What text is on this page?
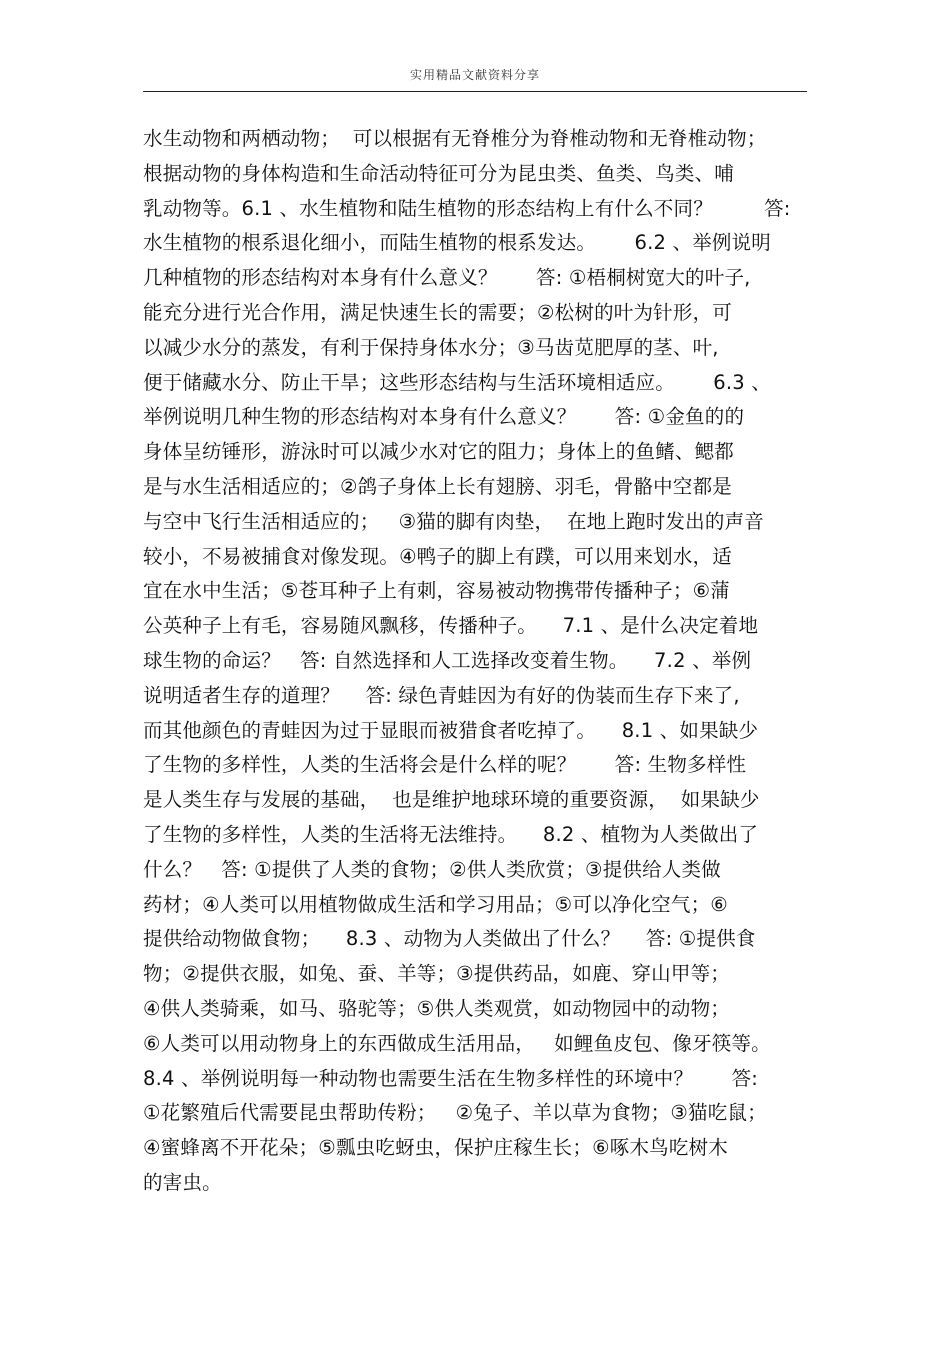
实用精品文献资料分享
水生动物和两栖动物；  可以根据有无脊椎分为脊椎动物和无脊椎动物；
根据动物的身体构造和生命活动特征可分为昆虫类、鱼类、鸟类、哺
乳动物等。6.1 、水生植物和陆生植物的形态结构上有什么不同？        答:
水生植物的根系退化细小，而陆生植物的根系发达。      6.2 、举例说明
几种植物的形态结构对本身有什么意义？      答: ①梧桐树宽大的叶子,
能充分进行光合作用，满足快速生长的需要；②松树的叶为针形，可
以减少水分的蒸发，有利于保持身体水分；③马齿苋肥厚的茎、叶,
便于储藏水分、防止干旱；这些形态结构与生活环境相适应。      6.3 、
举例说明几种生物的形态结构对本身有什么意义？      答: ①金鱼的的
身体呈纺锤形，游泳时可以减少水对它的阻力；身体上的鱼鳍、鳃都
是与水生活相适应的；②鸽子身体上长有翅膀、羽毛，骨骼中空都是
与空中飞行生活相适应的；   ③猫的脚有肉垫，  在地上跑时发出的声音
较小，不易被捕食对像发现。④鸭子的脚上有蹼，可以用来划水，适
宜在水中生活；⑤苍耳种子上有刺，容易被动物携带传播种子；⑥蒲
公英种子上有毛，容易随风飘移，传播种子。    7.1 、是什么决定着地
球生物的命运？   答: 自然选择和人工选择改变着生物。    7.2 、举例
说明适者生存的道理？    答: 绿色青蛙因为有好的伪装而生存下来了,
而其他颜色的青蛙因为过于显眼而被猎食者吃掉了。    8.1 、如果缺少
了生物的多样性，人类的生活将会是什么样的呢？      答: 生物多样性
是人类生存与发展的基础，  也是维护地球环境的重要资源，  如果缺少
了生物的多样性，人类的生活将无法维持。    8.2 、植物为人类做出了
什么？   答: ①提供了人类的食物；②供人类欣赏；③提供给人类做
药材；④人类可以用植物做成生活和学习用品；⑤可以净化空气；⑥
提供给动物做食物；    8.3 、动物为人类做出了什么？    答: ①提供食
物；②提供衣服，如兔、蚕、羊等；③提供药品，如鹿、穿山甲等；
④供人类骑乘，如马、骆驼等；⑤供人类观赏，如动物园中的动物；
⑥人类可以用动物身上的东西做成生活用品，   如鲤鱼皮包、像牙筷等。
8.4 、举例说明每一种动物也需要生活在生物多样性的环境中？      答:
①花繁殖后代需要昆虫帮助传粉；   ②兔子、羊以草为食物；③猫吃鼠；
④蜜蜂离不开花朵；⑤瓢虫吃蚜虫，保护庄稼生长；⑥啄木鸟吃树木
的害虫。
